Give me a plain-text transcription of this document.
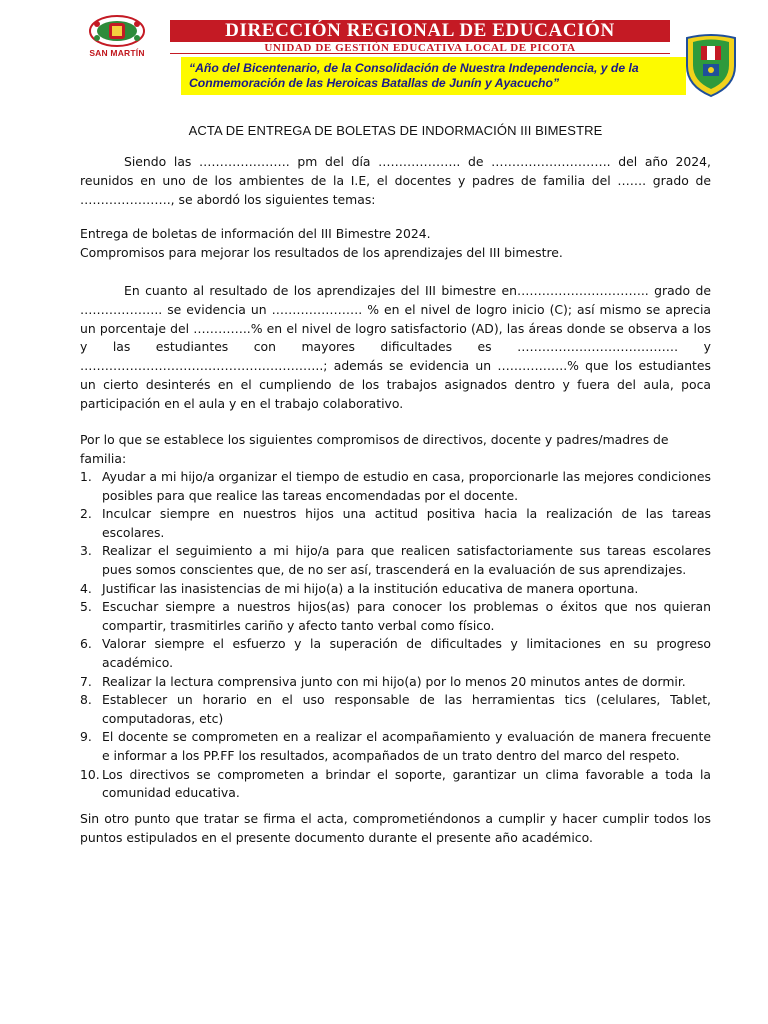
SAN MARTÍN
DIRECCIÓN REGIONAL DE EDUCACIÓN
UNIDAD DE GESTIÓN EDUCATIVA LOCAL DE PICOTA
“Año del Bicentenario, de la Consolidación de Nuestra Independencia, y de la Conmemoración de las Heroicas Batallas de Junín y Ayacucho”
ACTA DE ENTREGA DE BOLETAS DE INDORMACIÓN III BIMESTRE
Siendo las …………………. pm del día ……………….. de ……………………….. del año 2024, reunidos en uno de los ambientes de la I.E, el docentes y padres de familia del ……. grado de …………………., se abordó los siguientes temas:
Entrega de boletas de información del III Bimestre 2024.
Compromisos para mejorar los resultados de los aprendizajes del III bimestre.
En cuanto al resultado de los aprendizajes del III bimestre en………………………….. grado de ……………….. se evidencia un …………………. % en el nivel de logro inicio (C); así mismo se aprecia un porcentaje del …………..% en el nivel de logro satisfactorio (AD), las áreas donde se observa a los y las estudiantes con mayores dificultades es ………………………………… y …………………………………………………..; además se evidencia un ……………..% que los estudiantes un cierto desinterés en el cumpliendo de los trabajos asignados dentro y fuera del aula, poca participación en el aula y en el trabajo colaborativo.
Por lo que se establece los siguientes compromisos de directivos, docente y padres/madres de familia:
1. Ayudar a mi hijo/a organizar el tiempo de estudio en casa, proporcionarle las mejores condiciones posibles para que realice las tareas encomendadas por el docente.
2. Inculcar siempre en nuestros hijos una actitud positiva hacia la realización de las tareas escolares.
3. Realizar el seguimiento a mi hijo/a para que realicen satisfactoriamente sus tareas escolares pues somos conscientes que, de no ser así, trascenderá en la evaluación de sus aprendizajes.
4. Justificar las inasistencias de mi hijo(a) a la institución educativa de manera oportuna.
5. Escuchar siempre a nuestros hijos(as) para conocer los problemas o éxitos que nos quieran compartir, trasmitirles cariño y afecto tanto verbal como físico.
6. Valorar siempre el esfuerzo y la superación de dificultades y limitaciones en su progreso académico.
7. Realizar la lectura comprensiva junto con mi hijo(a) por lo menos 20 minutos antes de dormir.
8. Establecer un horario en el uso responsable de las herramientas tics (celulares, Tablet, computadoras, etc)
9. El docente se comprometen en a realizar el acompañamiento y evaluación de manera frecuente e informar a los PP.FF los resultados, acompañados de un trato dentro del marco del respeto.
10. Los directivos se comprometen a brindar el soporte, garantizar un clima favorable a toda la comunidad educativa.
Sin otro punto que tratar se firma el acta, comprometiéndonos a cumplir y hacer cumplir todos los puntos estipulados en el presente documento durante el presente año académico.
